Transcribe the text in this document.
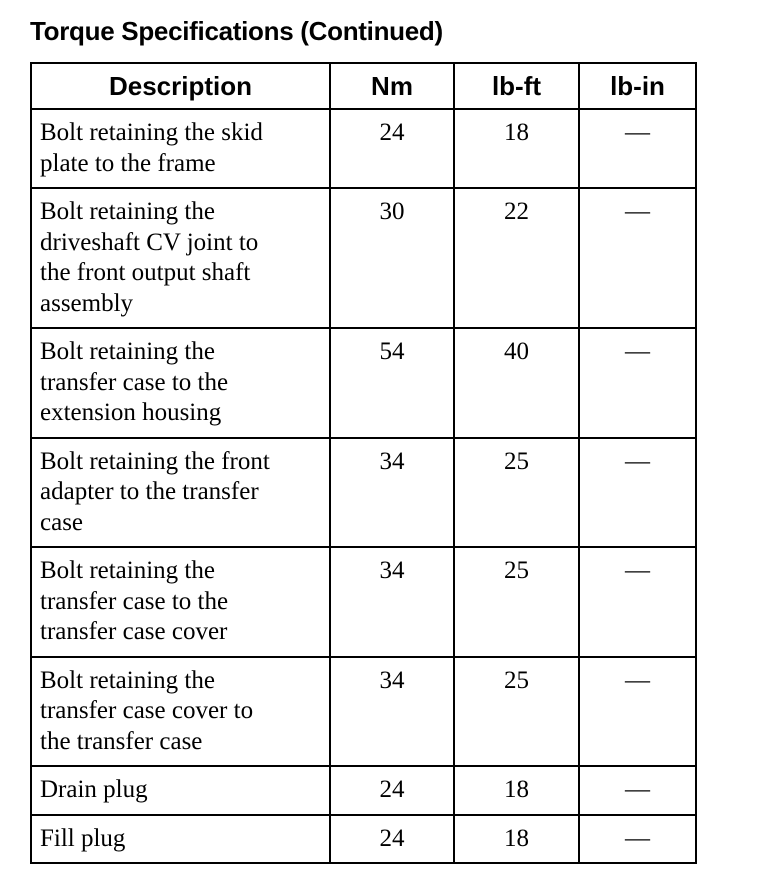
Torque Specifications (Continued)
Description	Nm	lb-ft	lb-in
Bolt retaining the skid
plate to the frame	24	18	—
Bolt retaining the
driveshaft CV joint to
the front output shaft
assembly	30	22	—
Bolt retaining the
transfer case to the
extension housing	54	40	—
Bolt retaining the front
adapter to the transfer
case	34	25	—
Bolt retaining the
transfer case to the
transfer case cover	34	25	—
Bolt retaining the
transfer case cover to
the transfer case	34	25	—
Drain plug	24	18	—
Fill plug	24	18	—
